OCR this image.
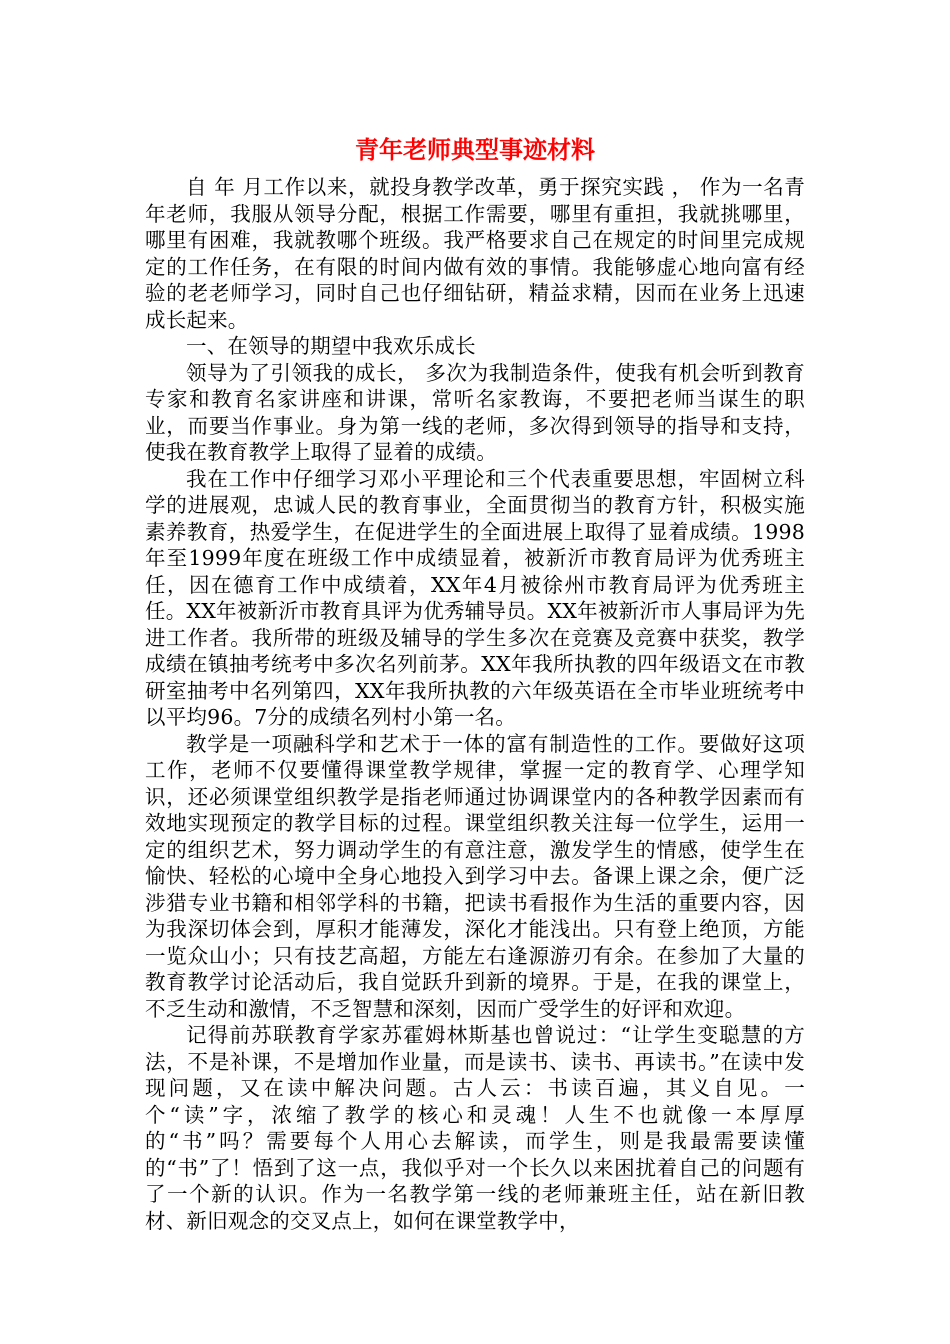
青年老师典型事迹材料

自 年 月工作以来，就投身教学改革，勇于探究实践 ， 作为一名青年老师，我服从领导分配，根据工作需要，哪里有重担，我就挑哪里，哪里有困难，我就教哪个班级。我严格要求自己在规定的时间里完成规定的工作任务，在有限的时间内做有效的事情。我能够虚心地向富有经验的老老师学习，同时自己也仔细钻研，精益求精，因而在业务上迅速成长起来。

一、在领导的期望中我欢乐成长

领导为了引领我的成长， 多次为我制造条件，使我有机会听到教育专家和教育名家讲座和讲课，常听名家教诲，不要把老师当谋生的职业，而要当作事业。身为第一线的老师，多次得到领导的指导和支持，使我在教育教学上取得了显着的成绩。

我在工作中仔细学习邓小平理论和三个代表重要思想，牢固树立科学的进展观，忠诚人民的教育事业，全面贯彻当的教育方针，积极实施素养教育，热爱学生，在促进学生的全面进展上取得了显着成绩。1998年至1999年度在班级工作中成绩显着，被新沂市教育局评为优秀班主任，因在德育工作中成绩着，XX年4月被徐州市教育局评为优秀班主任。XX年被新沂市教育具评为优秀辅导员。XX年被新沂市人事局评为先进工作者。我所带的班级及辅导的学生多次在竞赛及竞赛中获奖，教学成绩在镇抽考统考中多次名列前茅。XX年我所执教的四年级语文在市教研室抽考中名列第四，XX年我所执教的六年级英语在全市毕业班统考中以平均96。7分的成绩名列村小第一名。

教学是一项融科学和艺术于一体的富有制造性的工作。要做好这项工作，老师不仅要懂得课堂教学规律，掌握一定的教育学、心理学知识，还必须课堂组织教学是指老师通过协调课堂内的各种教学因素而有效地实现预定的教学目标的过程。课堂组织教关注每一位学生，运用一定的组织艺术，努力调动学生的有意注意，激发学生的情感，使学生在愉快、轻松的心境中全身心地投入到学习中去。备课上课之余，便广泛涉猎专业书籍和相邻学科的书籍，把读书看报作为生活的重要内容，因为我深切体会到，厚积才能薄发，深化才能浅出。只有登上绝顶，方能一览众山小；只有技艺高超，方能左右逢源游刃有余。在参加了大量的教育教学讨论活动后，我自觉跃升到新的境界。于是，在我的课堂上，不乏生动和激情，不乏智慧和深刻，因而广受学生的好评和欢迎。

记得前苏联教育学家苏霍姆林斯基也曾说过：“让学生变聪慧的方法，不是补课，不是增加作业量，而是读书、读书、再读书。”在读中发现问题，又在读中解决问题。古人云：书读百遍，其义自见。一个“读”字，浓缩了教学的核心和灵魂！人生不也就像一本厚厚的“书”吗？需要每个人用心去解读，而学生，则是我最需要读懂的“书”了！悟到了这一点，我似乎对一个长久以来困扰着自己的问题有了一个新的认识。作为一名教学第一线的老师兼班主任，站在新旧教材、新旧观念的交叉点上，如何在课堂教学中，
